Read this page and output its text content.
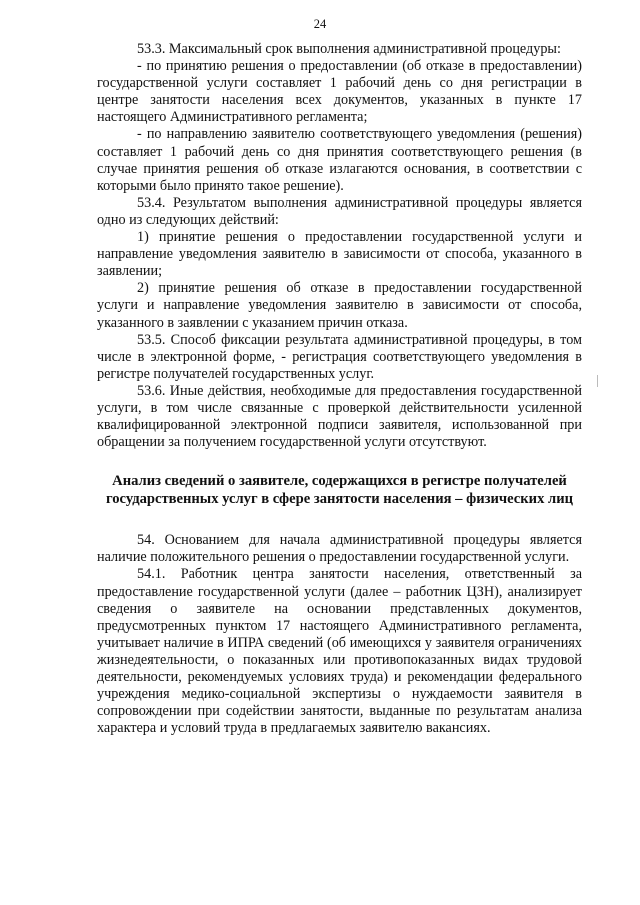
24

53.3. Максимальный срок выполнения административной процедуры:

- по принятию решения о предоставлении (об отказе в предоставлении) государственной услуги составляет 1 рабочий день со дня регистрации в центре занятости населения всех документов, указанных в пункте 17 настоящего Административного регламента;

- по направлению заявителю соответствующего уведомления (решения) составляет 1 рабочий день со дня принятия соответствующего решения (в случае принятия решения об отказе излагаются основания, в соответствии с которыми было принято такое решение).

53.4. Результатом выполнения административной процедуры является одно из следующих действий:

1) принятие решения о предоставлении государственной услуги и направление уведомления заявителю в зависимости от способа, указанного в заявлении;

2) принятие решения об отказе в предоставлении государственной услуги и направление уведомления заявителю в зависимости от способа, указанного в заявлении с указанием причин отказа.

53.5. Способ фиксации результата административной процедуры, в том числе в электронной форме, - регистрация соответствующего уведомления в регистре получателей государственных услуг.

53.6. Иные действия, необходимые для предоставления государственной услуги, в том числе связанные с проверкой действительности усиленной квалифицированной электронной подписи заявителя, использованной при обращении за получением государственной услуги отсутствуют.

Анализ сведений о заявителе, содержащихся в регистре получателей
государственных услуг в сфере занятости населения – физических лиц

54. Основанием для начала административной процедуры является наличие положительного решения о предоставлении государственной услуги.

54.1. Работник центра занятости населения, ответственный за предоставление государственной услуги (далее – работник ЦЗН), анализирует сведения о заявителе на основании представленных документов, предусмотренных пунктом 17 настоящего Административного регламента, учитывает наличие в ИПРА сведений (об имеющихся у заявителя ограничениях жизнедеятельности, о показанных или противопоказанных видах трудовой деятельности, рекомендуемых условиях труда) и рекомендации федерального учреждения медико-социальной экспертизы о нуждаемости заявителя в сопровождении при содействии занятости, выданные по результатам анализа характера и условий труда в предлагаемых заявителю вакансиях.
